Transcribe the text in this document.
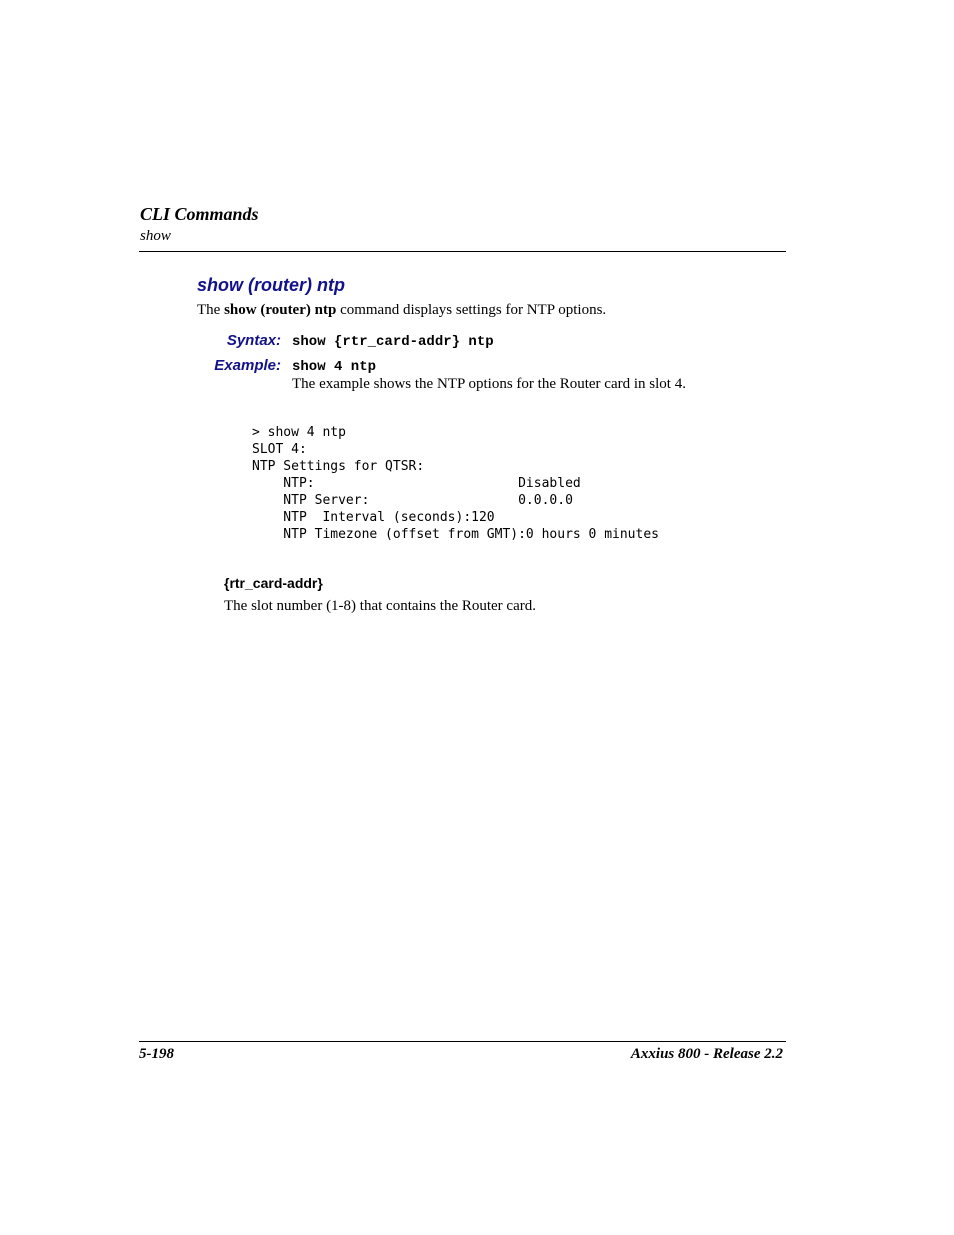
CLI Commands
show
show (router) ntp
The show (router) ntp command displays settings for NTP options.
Syntax: show {rtr_card-addr} ntp
Example: show 4 ntp
The example shows the NTP options for the Router card in slot 4.
> show 4 ntp
SLOT 4:
NTP Settings for QTSR:
NTP:                          Disabled
NTP Server:                   0.0.0.0
NTP  Interval (seconds):120
NTP Timezone (offset from GMT):0 hours 0 minutes
{rtr_card-addr}
The slot number (1-8) that contains the Router card.
5-198	Axxius 800 - Release 2.2
